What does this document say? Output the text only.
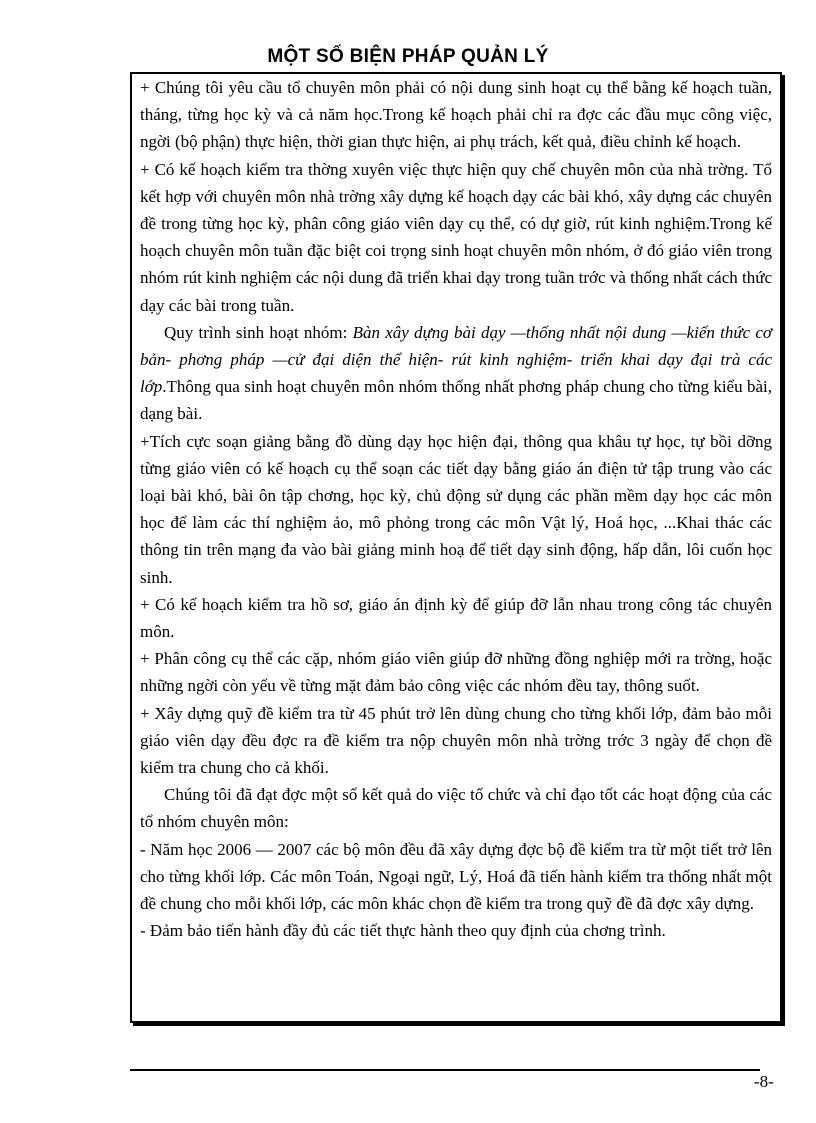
MỘT SỐ BIỆN PHÁP QUẢN LÝ

+ Chúng tôi yêu cầu tổ chuyên môn phải có nội dung sinh hoạt cụ thể bằng kế hoạch tuần, tháng, từng học kỳ và cả năm học.Trong kế hoạch phải chỉ ra đợc các đầu mục công việc, ngời (bộ phận) thực hiện, thời gian thực hiện, ai phụ trách, kết quả, điều chỉnh kế hoạch.

+ Có kế hoạch kiểm tra thờng xuyên việc thực hiện quy chế chuyên môn của nhà trờng. Tổ kết hợp với chuyên môn nhà trờng xây dựng kế hoạch dạy các bài khó, xây dựng các chuyên đề trong từng học kỳ, phân công giáo viên dạy cụ thể, có dự giờ, rút kinh nghiệm.Trong kế hoạch chuyên môn tuần đặc biệt coi trọng sinh hoạt chuyên môn nhóm, ở đó giáo viên trong nhóm rút kinh nghiệm các nội dung đã triển khai dạy trong tuần trớc và thống nhất cách thức dạy các bài trong tuần.

Quy trình sinh hoạt nhóm: Bàn xây dựng bài dạy —thống nhất nội dung —kiến thức cơ bản- phơng pháp —cử đại diện thể hiện- rút kinh nghiệm- triển khai dạy đại trà các lớp.Thông qua sinh hoạt chuyên môn nhóm thống nhất phơng pháp chung cho từng kiểu bài, dạng bài.

+Tích cực soạn giảng bằng đồ dùng dạy học hiện đại, thông qua khâu tự học, tự bồi dỡng từng giáo viên có kế hoạch cụ thể soạn các tiết dạy bằng giáo án điện tử tập trung vào các loại bài khó, bài ôn tập chơng, học kỳ, chủ động sử dụng các phần mềm dạy học các môn học để làm các thí nghiệm ảo, mô phỏng trong các môn Vật lý, Hoá học, ...Khai thác các thông tin trên mạng đa vào bài giảng minh hoạ để tiết dạy sinh động, hấp dẫn, lôi cuốn học sinh.

+ Có kế hoạch kiểm tra hồ sơ, giáo án định kỳ để giúp đỡ lẫn nhau trong công tác chuyên môn.

+ Phân công cụ thể các cặp, nhóm giáo viên giúp đỡ những đồng nghiệp mới ra trờng, hoặc những ngời còn yếu về từng mặt đảm bảo công việc các nhóm đều tay, thông suốt.

+ Xây dựng quỹ đề kiểm tra từ 45 phút trở lên dùng chung cho từng khối lớp, đảm bảo mỗi giáo viên dạy đều đợc ra đề kiểm tra nộp chuyên môn nhà trờng trớc 3 ngày để chọn đề kiểm tra chung cho cả khối.

Chúng tôi đã đạt đợc một số kết quả do việc tổ chức và chỉ đạo tốt các hoạt động của các tổ nhóm chuyên môn:

- Năm học 2006 — 2007 các bộ môn đều đã xây dựng đợc bộ đề kiểm tra từ một tiết trở lên cho từng khối lớp. Các môn Toán, Ngoại ngữ, Lý, Hoá đã tiến hành kiểm tra thống nhất một đề chung cho mỗi khối lớp, các môn khác chọn đề kiểm tra trong quỹ đề đã đợc xây dựng.

- Đảm bảo tiến hành đầy đủ các tiết thực hành theo quy định của chơng trình.

-8-
